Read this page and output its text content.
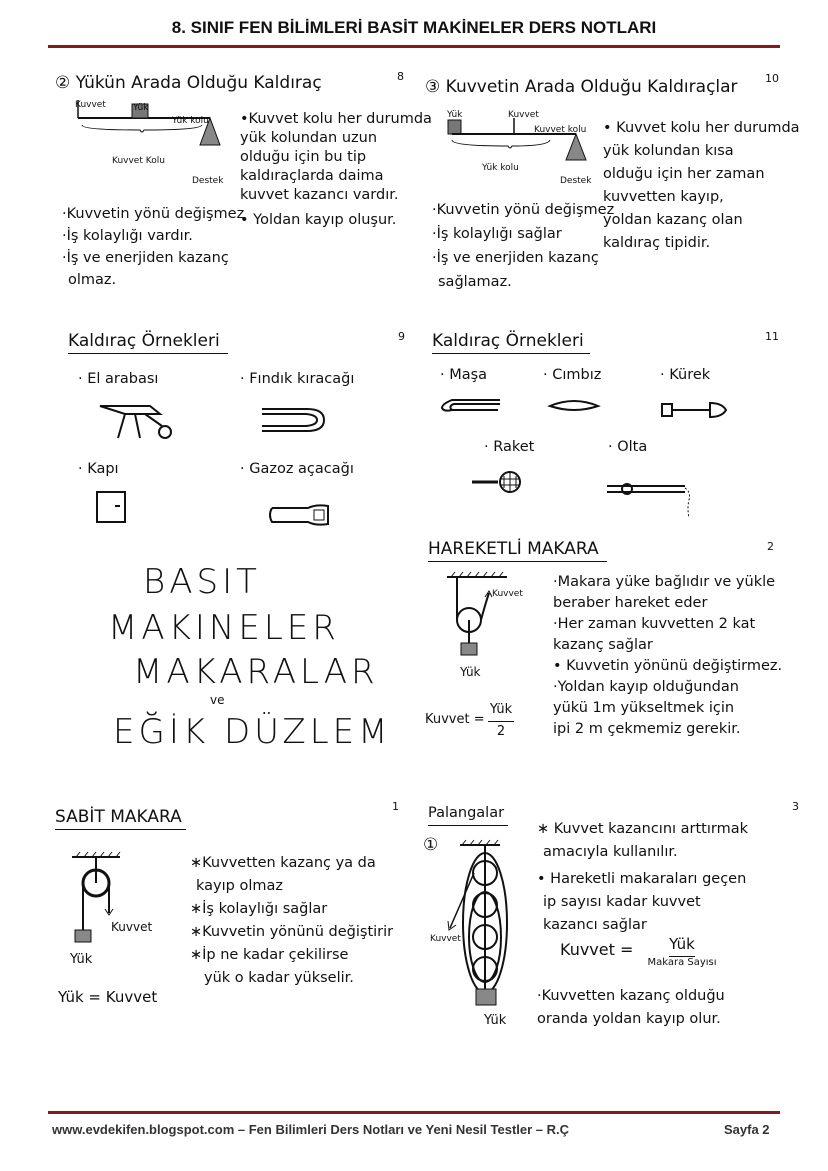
8. SINIF FEN BİLİMLERİ BASİT MAKİNELER DERS NOTLARI
② Yükün Arada Olduğu Kaldıraç	8
Kuvvet	Yük
Yük kolu
Kuvvet Kolu
Destek
•Kuvvet kolu her durumda
yük kolundan uzun
olduğu için bu tip
kaldıraçlarda daima
kuvvet kazancı vardır.
• Yoldan kayıp oluşur.
·Kuvvetin yönü değişmez
·İş kolaylığı vardır.
·İş ve enerjiden kazanç
olmaz.
③ Kuvvetin Arada Olduğu Kaldıraçlar 10
Yük	Kuvvet
Kuvvet kolu
Yük kolu
Destek
• Kuvvet kolu her durumda
yük kolundan kısa
olduğu için her zaman
kuvvetten kayıp,
yoldan kazanç olan
kaldıraç tipidir.
·Kuvvetin yönü değişmez
·İş kolaylığı sağlar
·İş ve enerjiden kazanç
sağlamaz.
Kaldıraç Örnekleri	9
· El arabası	· Fındık kıracağı
· Kapı	· Gazoz açacağı
Kaldıraç Örnekleri	11
· Maşa	· Cımbız	· Kürek
· Raket	· Olta
BASIT
MAKINELER
MAKARALAR
ve
EĞİK DÜZLEM
HAREKETLİ MAKARA	2
Kuvvet
Yük
Kuvvet =
Yük
2
·Makara yüke bağlıdır ve yükle
beraber hareket eder
·Her zaman kuvvetten 2 kat
kazanç sağlar
• Kuvvetin yönünü değiştirmez.
·Yoldan kayıp olduğundan
yükü 1m yükseltmek için
ipi 2 m çekmemiz gerekir.
SABİT MAKARA
1
Kuvvet
Yük
Yük = Kuvvet
∗Kuvvetten kazanç ya da
kayıp olmaz
∗İş kolaylığı sağlar
∗Kuvvetin yönünü değiştirir
∗İp ne kadar çekilirse
yük o kadar yükselir.
Palangalar	3
①
Kuvvet
Yük
∗ Kuvvet kazancını arttırmak
amacıyla kullanılır.
• Hareketli makaraları geçen
ip sayısı kadar kuvvet
kazancı sağlar
Kuvvet =	Yük
Makara Sayısı
·Kuvvetten kazanç olduğu
oranda yoldan kayıp olur.
www.evdekifen.blogspot.com – Fen Bilimleri Ders Notları ve Yeni Nesil Testler – R.Ç	Sayfa 2
